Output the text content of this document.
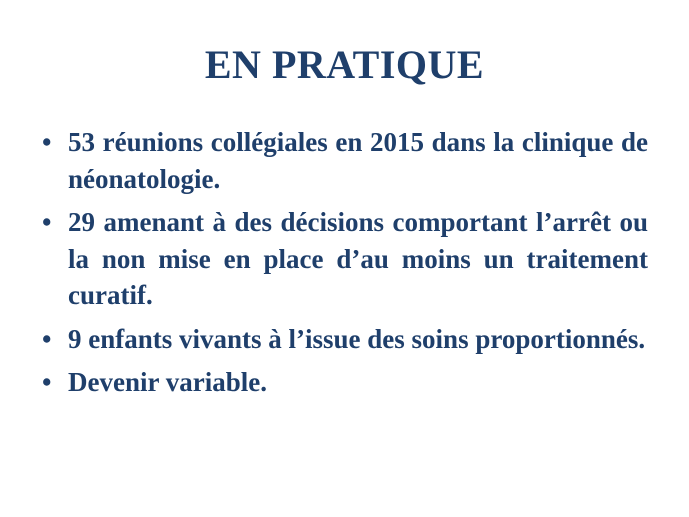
EN PRATIQUE
• 53 réunions collégiales en 2015 dans la clinique de néonatologie.
• 29 amenant à des décisions comportant l’arrêt ou la non mise en place d’au moins un traitement curatif.
• 9 enfants vivants à l’issue des soins proportionnés.
• Devenir variable.
